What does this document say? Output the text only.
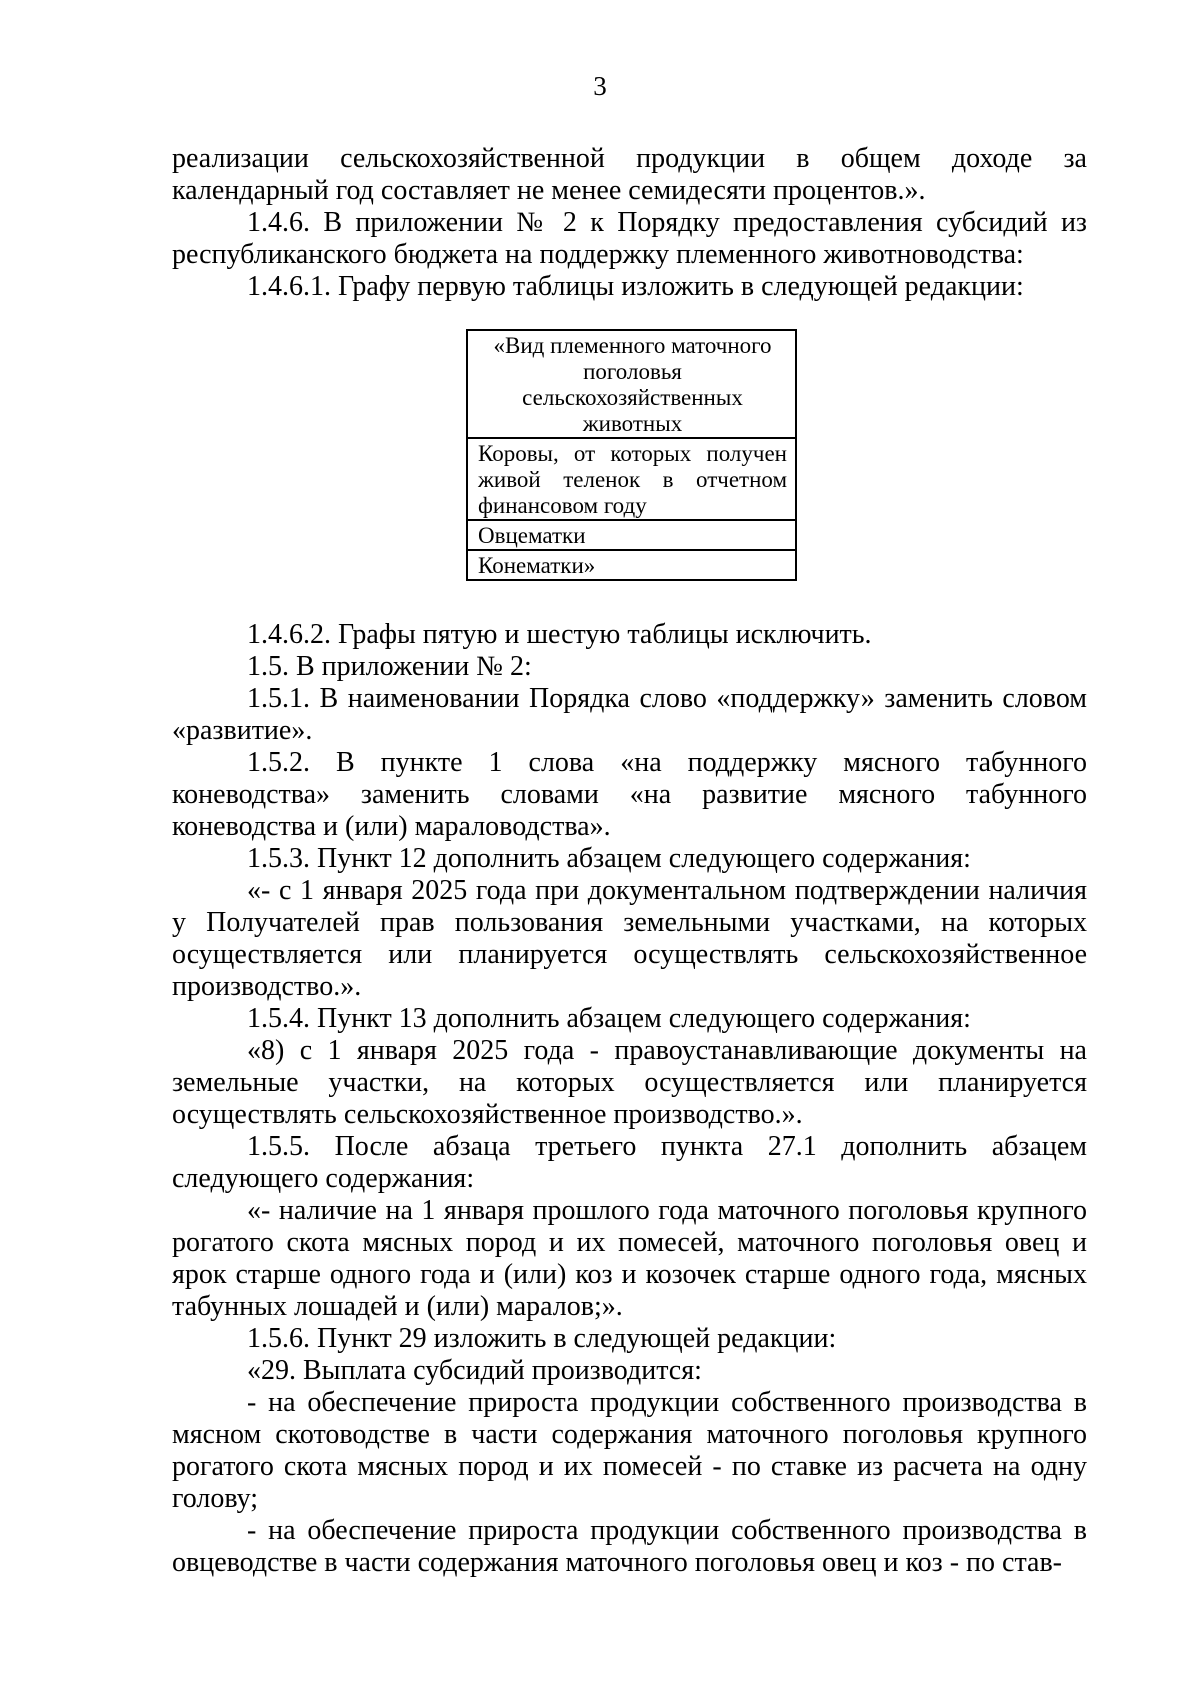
3

реализации сельскохозяйственной продукции в общем доходе за календарный год составляет не менее семидесяти процентов.».

1.4.6. В приложении № 2 к Порядку предоставления субсидий из республиканского бюджета на поддержку племенного животноводства:

1.4.6.1. Графу первую таблицы изложить в следующей редакции:

«Вид племенного маточного поголовья сельскохозяйственных животных
Коровы, от которых получен живой теленок в отчетном финансовом году
Овцематки
Конематки»

1.4.6.2. Графы пятую и шестую таблицы исключить.

1.5. В приложении № 2:

1.5.1. В наименовании Порядка слово «поддержку» заменить словом «развитие».

1.5.2. В пункте 1 слова «на поддержку мясного табунного коневодства» заменить словами «на развитие мясного табунного коневодства и (или) мараловодства».

1.5.3. Пункт 12 дополнить абзацем следующего содержания:

«- с 1 января 2025 года при документальном подтверждении наличия у Получателей прав пользования земельными участками, на которых осуществляется или планируется осуществлять сельскохозяйственное производство.».

1.5.4. Пункт 13 дополнить абзацем следующего содержания:

«8) с 1 января 2025 года - правоустанавливающие документы на земельные участки, на которых осуществляется или планируется осуществлять сельскохозяйственное производство.».

1.5.5. После абзаца третьего пункта 27.1 дополнить абзацем следующего содержания:

«- наличие на 1 января прошлого года маточного поголовья крупного рогатого скота мясных пород и их помесей, маточного поголовья овец и ярок старше одного года и (или) коз и козочек старше одного года, мясных табунных лошадей и (или) маралов;».

1.5.6. Пункт 29 изложить в следующей редакции:

«29. Выплата субсидий производится:

- на обеспечение прироста продукции собственного производства в мясном скотоводстве в части содержания маточного поголовья крупного рогатого скота мясных пород и их помесей - по ставке из расчета на одну голову;

- на обеспечение прироста продукции собственного производства в овцеводстве в части содержания маточного поголовья овец и коз - по став-
